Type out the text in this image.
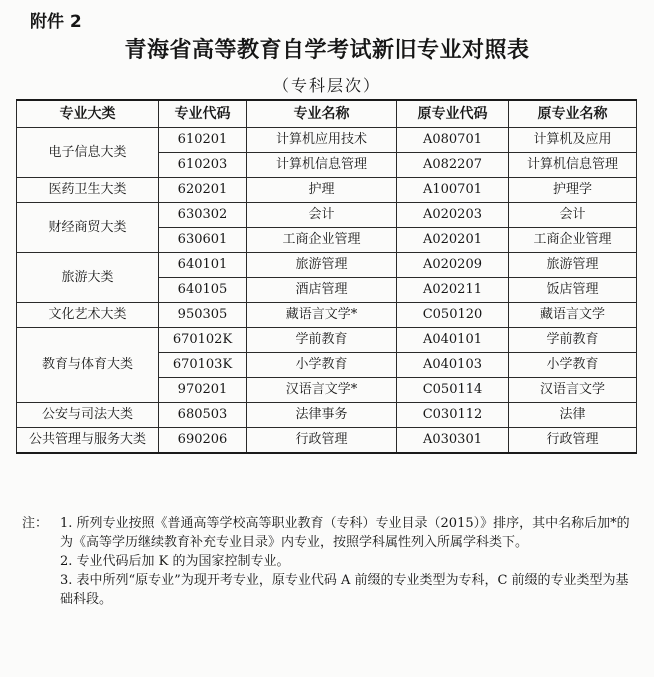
附件 2
青海省高等教育自学考试新旧专业对照表
（专科层次）
专业大类	专业代码	专业名称	原专业代码	原专业名称
电子信息大类	610201	计算机应用技术	A080701	计算机及应用
	610203	计算机信息管理	A082207	计算机信息管理
医药卫生大类	620201	护理	A100701	护理学
财经商贸大类	630302	会计	A020203	会计
	630601	工商企业管理	A020201	工商企业管理
旅游大类	640101	旅游管理	A020209	旅游管理
	640105	酒店管理	A020211	饭店管理
文化艺术大类	950305	藏语言文学*	C050120	藏语言文学
教育与体育大类	670102K	学前教育	A040101	学前教育
	670103K	小学教育	A040103	小学教育
	970201	汉语言文学*	C050114	汉语言文学
公安与司法大类	680503	法律事务	C030112	法律
公共管理与服务大类	690206	行政管理	A030301	行政管理
注： 1. 所列专业按照《普通高等学校高等职业教育（专科）专业目录（2015）》排序，其中名称后加*的为《高等学历继续教育补充专业目录》内专业，按照学科属性列入所属学科类下。
2. 专业代码后加 K 的为国家控制专业。
3. 表中所列“原专业”为现开考专业，原专业代码 A 前缀的专业类型为专科，C 前缀的专业类型为基础科段。
